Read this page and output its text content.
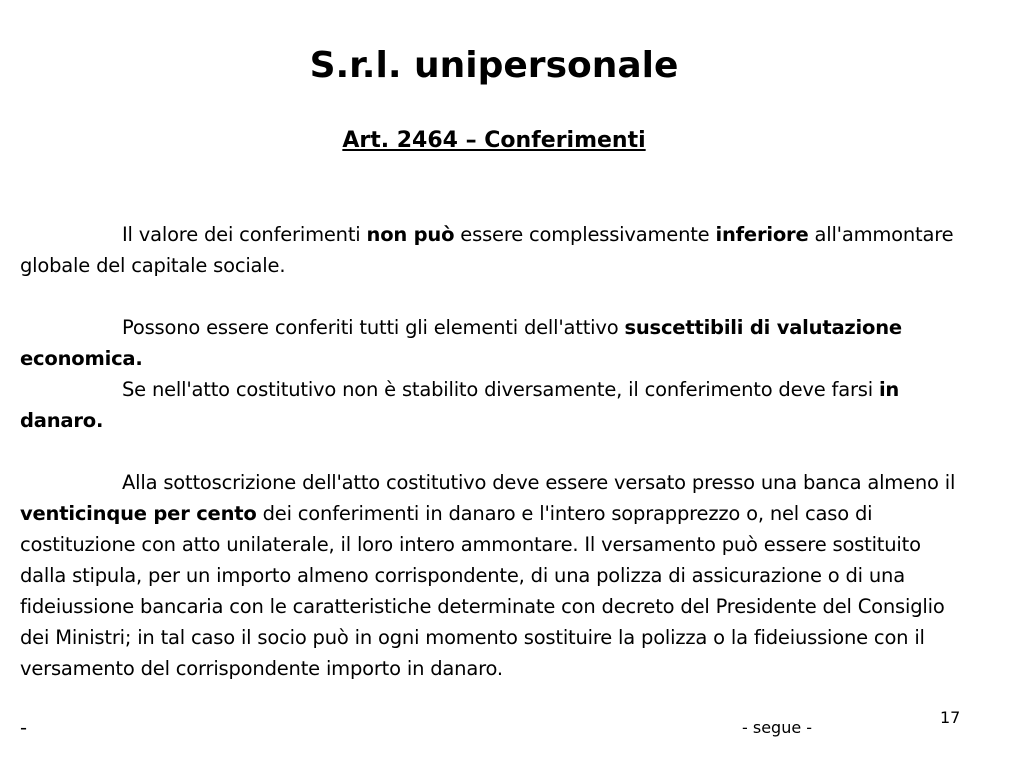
S.r.l. unipersonale
Art. 2464 – Conferimenti

Il valore dei conferimenti non può essere complessivamente inferiore all'ammontare globale del capitale sociale.

Possono essere conferiti tutti gli elementi dell'attivo suscettibili di valutazione economica.

Se nell'atto costitutivo non è stabilito diversamente, il conferimento deve farsi in danaro.

Alla sottoscrizione dell'atto costitutivo deve essere versato presso una banca almeno il venticinque per cento dei conferimenti in danaro e l'intero soprapprezzo o, nel caso di costituzione con atto unilaterale, il loro intero ammontare. Il versamento può essere sostituito dalla stipula, per un importo almeno corrispondente, di una polizza di assicurazione o di una fideiussione bancaria con le caratteristiche determinate con decreto del Presidente del Consiglio dei Ministri; in tal caso il socio può in ogni momento sostituire la polizza o la fideiussione con il versamento del corrispondente importo in danaro.

-	- segue -
17
